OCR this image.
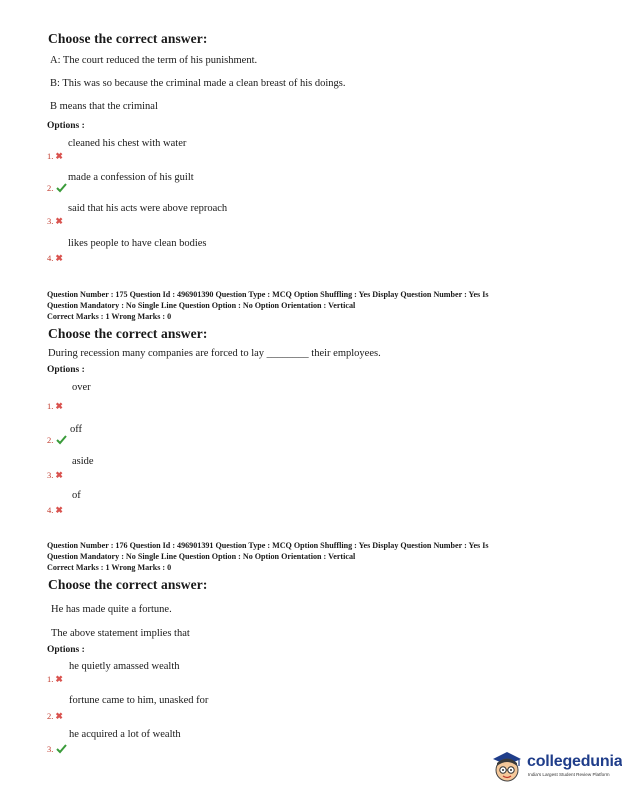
Choose the correct answer:
A: The court reduced the term of his punishment.
B: This was so because the criminal made a clean breast of his doings.
B means that the criminal
Options :
1. ✖
cleaned his chest with water
2.
made a confession of his guilt
3. ✖
said that his acts were above reproach
4. ✖
likes people to have clean bodies
Question Number : 175 Question Id : 496901390 Question Type : MCQ Option Shuffling : Yes Display Question Number : Yes Is
Question Mandatory : No Single Line Question Option : No Option Orientation : Vertical
Correct Marks : 1 Wrong Marks : 0
Choose the correct answer:
During recession many companies are forced to lay ________ their employees.
Options :
1. ✖
over
2.
off
3. ✖
aside
4. ✖
of
Question Number : 176 Question Id : 496901391 Question Type : MCQ Option Shuffling : Yes Display Question Number : Yes Is
Question Mandatory : No Single Line Question Option : No Option Orientation : Vertical
Correct Marks : 1 Wrong Marks : 0
Choose the correct answer:
He has made quite a fortune.
The above statement implies that
Options :
1. ✖
he quietly amassed wealth
2. ✖
fortune came to him, unasked for
3.
he acquired a lot of wealth
collegedunia
India's Largest Student Review Platform
